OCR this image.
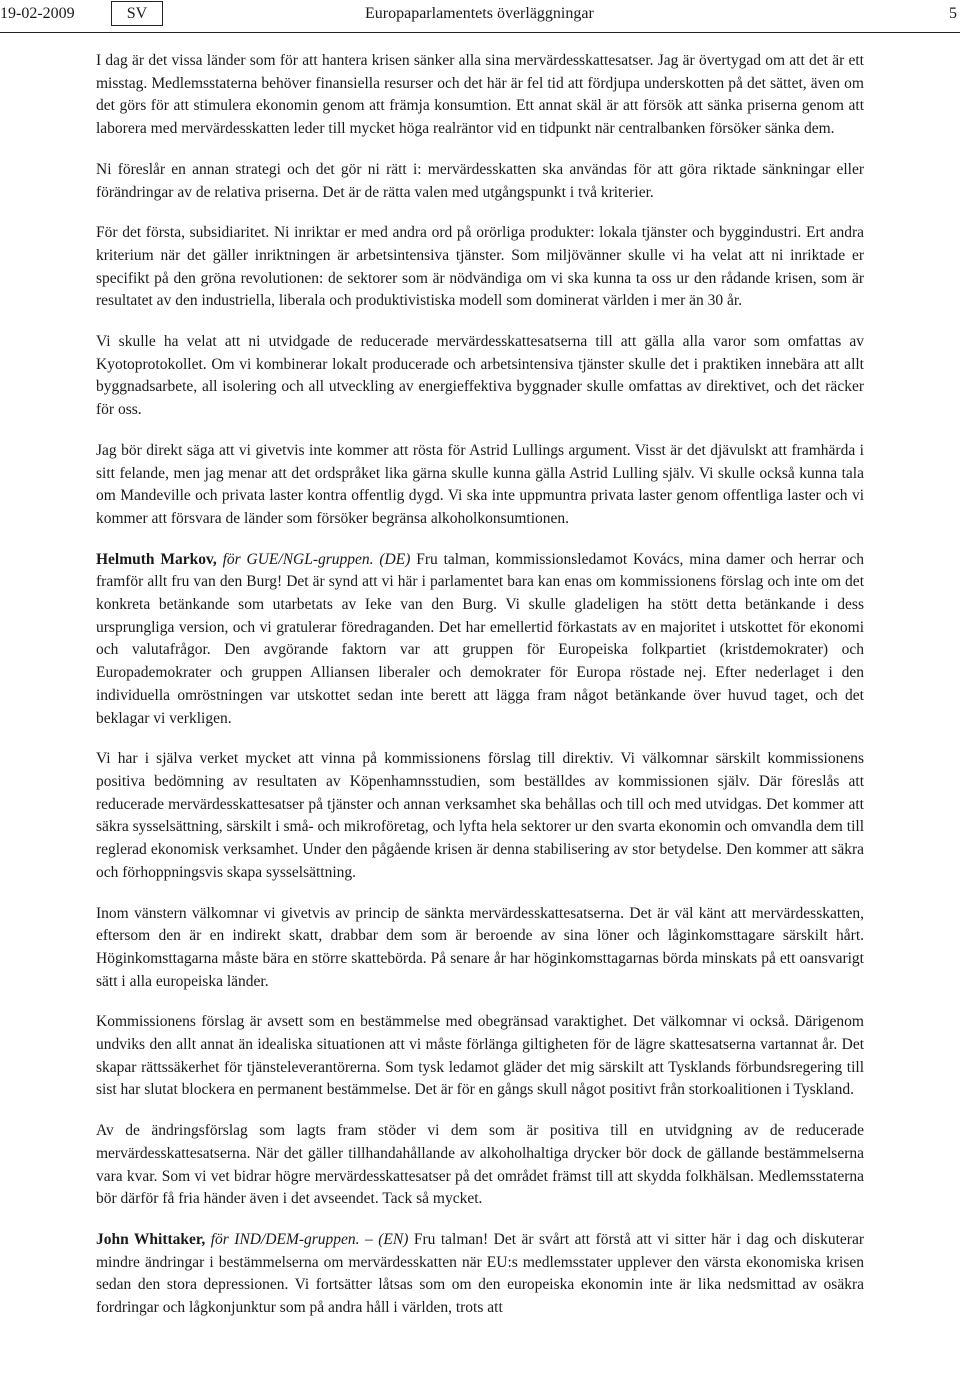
19-02-2009	SV	Europaparlamentets överläggningar	5

I dag är det vissa länder som för att hantera krisen sänker alla sina mervärdesskattesatser. Jag är övertygad om att det är ett misstag. Medlemsstaterna behöver finansiella resurser och det här är fel tid att fördjupa underskotten på det sättet, även om det görs för att stimulera ekonomin genom att främja konsumtion. Ett annat skäl är att försök att sänka priserna genom att laborera med mervärdesskatten leder till mycket höga realräntor vid en tidpunkt när centralbanken försöker sänka dem.

Ni föreslår en annan strategi och det gör ni rätt i: mervärdesskatten ska användas för att göra riktade sänkningar eller förändringar av de relativa priserna. Det är de rätta valen med utgångspunkt i två kriterier.

För det första, subsidiaritet. Ni inriktar er med andra ord på orörliga produkter: lokala tjänster och byggindustri. Ert andra kriterium när det gäller inriktningen är arbetsintensiva tjänster. Som miljövänner skulle vi ha velat att ni inriktade er specifikt på den gröna revolutionen: de sektorer som är nödvändiga om vi ska kunna ta oss ur den rådande krisen, som är resultatet av den industriella, liberala och produktivistiska modell som dominerat världen i mer än 30 år.

Vi skulle ha velat att ni utvidgade de reducerade mervärdesskattesatserna till att gälla alla varor som omfattas av Kyotoprotokollet. Om vi kombinerar lokalt producerade och arbetsintensiva tjänster skulle det i praktiken innebära att allt byggnadsarbete, all isolering och all utveckling av energieffektiva byggnader skulle omfattas av direktivet, och det räcker för oss.

Jag bör direkt säga att vi givetvis inte kommer att rösta för Astrid Lullings argument. Visst är det djävulskt att framhärda i sitt felande, men jag menar att det ordspråket lika gärna skulle kunna gälla Astrid Lulling själv. Vi skulle också kunna tala om Mandeville och privata laster kontra offentlig dygd. Vi ska inte uppmuntra privata laster genom offentliga laster och vi kommer att försvara de länder som försöker begränsa alkoholkonsumtionen.

Helmuth Markov, för GUE/NGL-gruppen. (DE) Fru talman, kommissionsledamot Kovács, mina damer och herrar och framför allt fru van den Burg! Det är synd att vi här i parlamentet bara kan enas om kommissionens förslag och inte om det konkreta betänkande som utarbetats av Ieke van den Burg. Vi skulle gladeligen ha stött detta betänkande i dess ursprungliga version, och vi gratulerar föredraganden. Det har emellertid förkastats av en majoritet i utskottet för ekonomi och valutafrågor. Den avgörande faktorn var att gruppen för Europeiska folkpartiet (kristdemokrater) och Europademokrater och gruppen Alliansen liberaler och demokrater för Europa röstade nej. Efter nederlaget i den individuella omröstningen var utskottet sedan inte berett att lägga fram något betänkande över huvud taget, och det beklagar vi verkligen.

Vi har i själva verket mycket att vinna på kommissionens förslag till direktiv. Vi välkomnar särskilt kommissionens positiva bedömning av resultaten av Köpenhamnsstudien, som beställdes av kommissionen själv. Där föreslås att reducerade mervärdesskattesatser på tjänster och annan verksamhet ska behållas och till och med utvidgas. Det kommer att säkra sysselsättning, särskilt i små- och mikroföretag, och lyfta hela sektorer ur den svarta ekonomin och omvandla dem till reglerad ekonomisk verksamhet. Under den pågående krisen är denna stabilisering av stor betydelse. Den kommer att säkra och förhoppningsvis skapa sysselsättning.

Inom vänstern välkomnar vi givetvis av princip de sänkta mervärdesskattesatserna. Det är väl känt att mervärdesskatten, eftersom den är en indirekt skatt, drabbar dem som är beroende av sina löner och låginkomsttagare särskilt hårt. Höginkomsttagarna måste bära en större skattebörda. På senare år har höginkomsttagarnas börda minskats på ett oansvarigt sätt i alla europeiska länder.

Kommissionens förslag är avsett som en bestämmelse med obegränsad varaktighet. Det välkomnar vi också. Därigenom undviks den allt annat än idealiska situationen att vi måste förlänga giltigheten för de lägre skattesatserna vartannat år. Det skapar rättssäkerhet för tjänsteleverantörerna. Som tysk ledamot gläder det mig särskilt att Tysklands förbundsregering till sist har slutat blockera en permanent bestämmelse. Det är för en gångs skull något positivt från storkoalitionen i Tyskland.

Av de ändringsförslag som lagts fram stöder vi dem som är positiva till en utvidgning av de reducerade mervärdesskattesatserna. När det gäller tillhandahållande av alkoholhaltiga drycker bör dock de gällande bestämmelserna vara kvar. Som vi vet bidrar högre mervärdesskattesatser på det området främst till att skydda folkhälsan. Medlemsstaterna bör därför få fria händer även i det avseendet. Tack så mycket.

John Whittaker, för IND/DEM-gruppen. – (EN) Fru talman! Det är svårt att förstå att vi sitter här i dag och diskuterar mindre ändringar i bestämmelserna om mervärdesskatten när EU:s medlemsstater upplever den värsta ekonomiska krisen sedan den stora depressionen. Vi fortsätter låtsas som om den europeiska ekonomin inte är lika nedsmittad av osäkra fordringar och lågkonjunktur som på andra håll i världen, trots att
